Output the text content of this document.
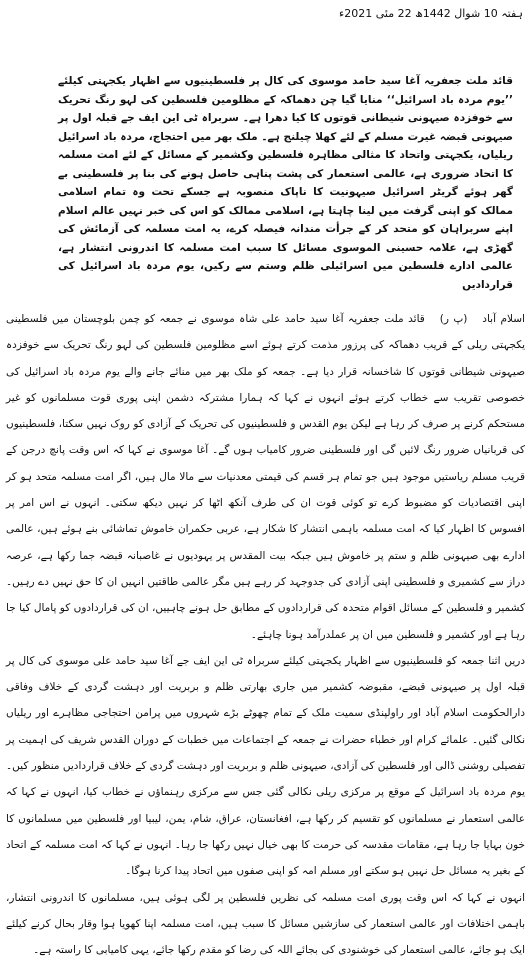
ہفتہ 10 شوال 1442ھ 22 مئی 2021ء

قائد ملت جعفریہ آغا سید حامد موسوی کی کال پر فلسطینیوں سے اظہار یکجہتی کیلئے ’’یوم مردہ باد اسرائیل‘‘ منایا گیا چن دھماکہ کے مظلومین فلسطین کی لہو رنگ تحریک سے خوفزدہ صیہونی شیطانی قوتوں کا کیا دھرا ہے۔ سربراہ ٹی این ایف جے قبلہ اول پر صیہونی قبضہ غیرت مسلم کے لئے کھلا چیلنج ہے۔ ملک بھر میں احتجاج، مردہ باد اسرائیل ریلیاں، یکجہتی واتحاد کا مثالی مظاہرہ فلسطین وکشمیر کے مسائل کے لئے امت مسلمہ کا اتحاد ضروری ہے، عالمی استعمار کی پشت پناہی حاصل ہونے کی بنا پر فلسطینی بے گھر ہوئے گریٹر اسرائیل صیہونیت کا ناپاک منصوبہ ہے جسکے تحت وہ تمام اسلامی ممالک کو اپنی گرفت میں لینا چاہتا ہے، اسلامی ممالک کو اس کی خبر نہیں عالم اسلام اپنے سربراہان کو متحد کر کے جرأت مندانہ فیصلہ کرے، یہ امت مسلمہ کی آزمائش کی گھڑی ہے، علامہ حسینی الموسوی مسائل کا سبب امت مسلمہ کا اندرونی انتشار ہے، عالمی ادارے فلسطین میں اسرائیلی ظلم وستم سے رکیں، یوم مردہ باد اسرائیل کی قراردادیں

اسلام آباد  (پ ر)  قائد ملت جعفریہ آغا سید حامد علی شاہ موسوی نے جمعہ کو چمن بلوچستان میں فلسطینی یکجہتی ریلی کے قریب دھماکہ کی پرزور مذمت کرتے ہوئے اسے مظلومین فلسطین کی لہو رنگ تحریک سے خوفزدہ صیہونی شیطانی قوتوں کا شاخسانہ قرار دیا ہے۔ جمعہ کو ملک بھر میں منائے جانے والے یوم مردہ باد اسرائیل کی خصوصی تقریب سے خطاب کرتے ہوئے انہوں نے کہا کہ ہمارا مشترکہ دشمن اپنی پوری قوت مسلمانوں کو غیر مستحکم کرنے پر صرف کر رہا ہے لیکن یوم القدس و فلسطینیوں کی تحریک کے آزادی کو روک نہیں سکتا، فلسطینیوں کی قربانیاں ضرور رنگ لائیں گی اور فلسطینی ضرور کامیاب ہوں گے۔ آغا موسوی نے کہا کہ اس وقت پانچ درجن کے قریب مسلم ریاستیں موجود ہیں جو تمام ہر قسم کی قیمتی معدنیات سے مالا مال ہیں، اگر امت مسلمہ متحد ہو کر اپنی اقتصادیات کو مضبوط کرے تو کوئی قوت ان کی طرف آنکھ اٹھا کر نہیں دیکھ سکتی۔ انہوں نے اس امر پر افسوس کا اظہار کیا کہ امت مسلمہ باہمی انتشار کا شکار ہے، عربی حکمران خاموش تماشائی بنے ہوئے ہیں، عالمی ادارے بھی صیہونی ظلم و ستم پر خاموش ہیں جبکہ بیت المقدس پر یہودیوں نے غاصبانہ قبضہ جما رکھا ہے، عرصہ دراز سے کشمیری و فلسطینی اپنی آزادی کی جدوجہد کر رہے ہیں مگر عالمی طاقتیں انہیں ان کا حق نہیں دے رہیں۔ کشمیر و فلسطین کے مسائل اقوام متحدہ کی قراردادوں کے مطابق حل ہونے چاہییں، ان کی قراردادوں کو پامال کیا جا رہا ہے اور کشمیر و فلسطین میں ان پر عملدرآمد ہونا چاہئے۔

دریں اثنا جمعہ کو فلسطینیوں سے اظہار یکجہتی کیلئے سربراہ ٹی این ایف جے آغا سید حامد علی موسوی کی کال پر قبلہ اول پر صیہونی قبضے، مقبوضہ کشمیر میں جاری بھارتی ظلم و بربریت اور دہشت گردی کے خلاف وفاقی دارالحکومت اسلام آباد اور راولپنڈی سمیت ملک کے تمام چھوٹے بڑے شہروں میں پرامن احتجاجی مظاہرے اور ریلیاں نکالی گئیں۔ علمائے کرام اور خطباء حضرات نے جمعہ کے اجتماعات میں خطبات کے دوران القدس شریف کی اہمیت پر تفصیلی روشنی ڈالی اور فلسطین کی آزادی، صیہونی ظلم و بربریت اور دہشت گردی کے خلاف قراردادیں منظور کیں۔ یوم مردہ باد اسرائیل کے موقع پر مرکزی ریلی نکالی گئی جس سے مرکزی رہنماؤں نے خطاب کیا، انہوں نے کہا کہ عالمی استعمار نے مسلمانوں کو تقسیم کر رکھا ہے، افغانستان، عراق، شام، یمن، لیبیا اور فلسطین میں مسلمانوں کا خون بہایا جا رہا ہے، مقامات مقدسہ کی حرمت کا بھی خیال نہیں رکھا جا رہا۔ انہوں نے کہا کہ امت مسلمہ کے اتحاد کے بغیر یہ مسائل حل نہیں ہو سکتے اور مسلم امہ کو اپنی صفوں میں اتحاد پیدا کرنا ہوگا۔

انہوں نے کہا کہ اس وقت پوری امت مسلمہ کی نظریں فلسطین پر لگی ہوئی ہیں، مسلمانوں کا اندرونی انتشار، باہمی اختلافات اور عالمی استعمار کی سازشیں مسائل کا سبب ہیں، امت مسلمہ اپنا کھویا ہوا وقار بحال کرنے کیلئے ایک ہو جائے، عالمی استعمار کی خوشنودی کی بجائے اللہ کی رضا کو مقدم رکھا جائے، یہی کامیابی کا راستہ ہے۔
